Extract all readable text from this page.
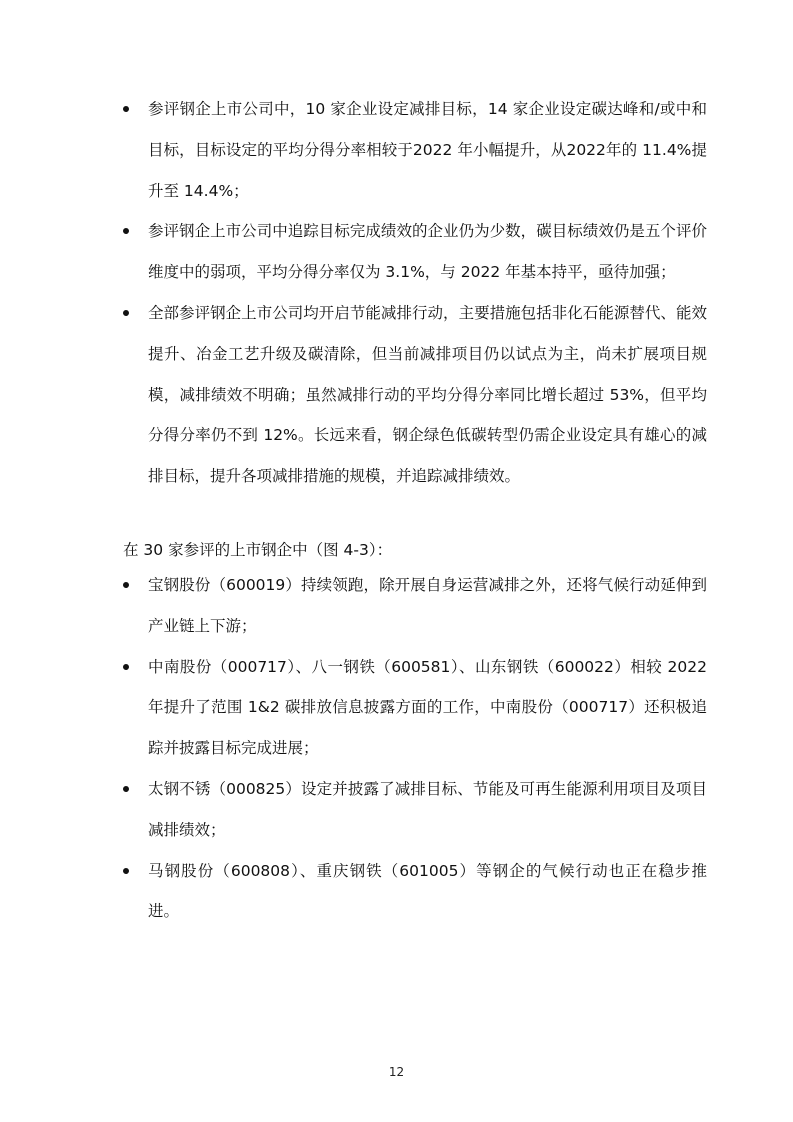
参评钢企上市公司中，10 家企业设定减排目标，14 家企业设定碳达峰和/或中和目标，目标设定的平均分得分率相较于2022 年小幅提升，从2022年的 11.4%提升至 14.4%；
参评钢企上市公司中追踪目标完成绩效的企业仍为少数，碳目标绩效仍是五个评价维度中的弱项，平均分得分率仅为 3.1%，与 2022 年基本持平，亟待加强；
全部参评钢企上市公司均开启节能减排行动，主要措施包括非化石能源替代、能效提升、冶金工艺升级及碳清除，但当前减排项目仍以试点为主，尚未扩展项目规模，减排绩效不明确；虽然减排行动的平均分得分率同比增长超过 53%，但平均分得分率仍不到 12%。长远来看，钢企绿色低碳转型仍需企业设定具有雄心的减排目标，提升各项减排措施的规模，并追踪减排绩效。

在 30 家参评的上市钢企中（图 4-3）：

宝钢股份（600019）持续领跑，除开展自身运营减排之外，还将气候行动延伸到产业链上下游；
中南股份（000717）、八一钢铁（600581）、山东钢铁（600022）相较 2022 年提升了范围 1&2 碳排放信息披露方面的工作，中南股份（000717）还积极追踪并披露目标完成进展；
太钢不锈（000825）设定并披露了减排目标、节能及可再生能源利用项目及项目减排绩效；
马钢股份（600808）、重庆钢铁（601005）等钢企的气候行动也正在稳步推进。
12
